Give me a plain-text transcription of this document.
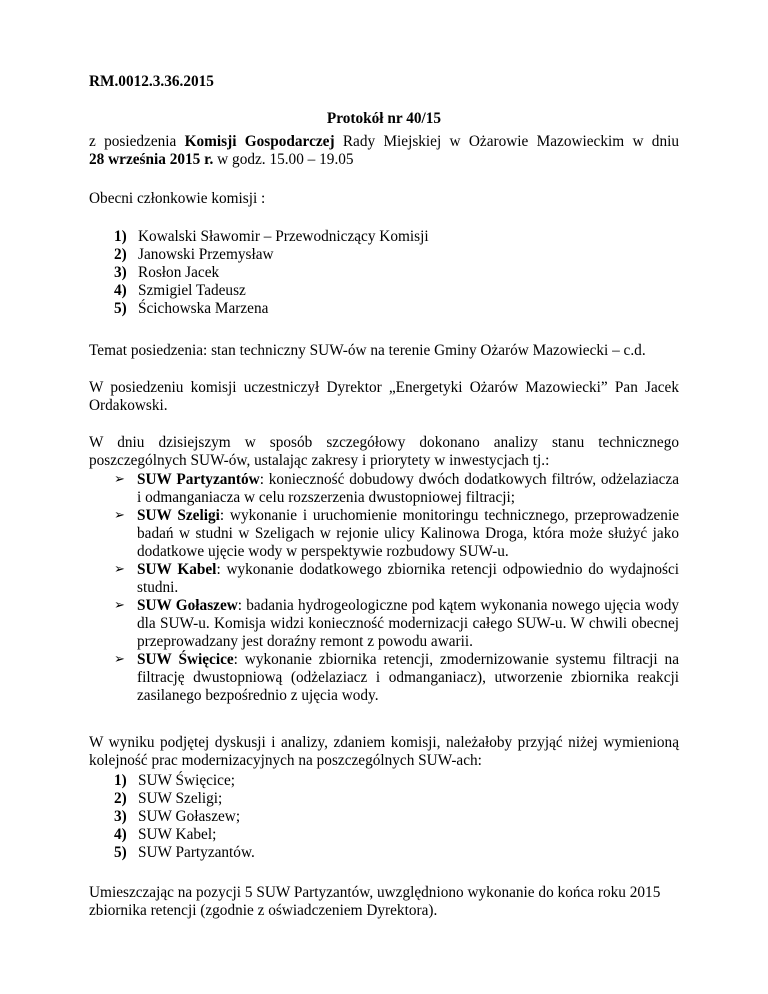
RM.0012.3.36.2015
Protokół nr 40/15
z posiedzenia Komisji Gospodarczej Rady Miejskiej w Ożarowie Mazowieckim w dniu
28 września 2015 r. w godz. 15.00 – 19.05
Obecni członkowie komisji :
1) Kowalski Sławomir – Przewodniczący Komisji
2) Janowski Przemysław
3) Rosłon Jacek
4) Szmigiel Tadeusz
5) Ścichowska Marzena
Temat posiedzenia: stan techniczny SUW-ów na terenie Gminy Ożarów Mazowiecki – c.d.
W posiedzeniu komisji uczestniczył Dyrektor „Energetyki Ożarów Mazowiecki” Pan Jacek Ordakowski.
W dniu dzisiejszym w sposób szczegółowy dokonano analizy stanu technicznego poszczególnych SUW-ów, ustalając zakresy i priorytety w inwestycjach tj.:
➢ SUW Partyzantów: konieczność dobudowy dwóch dodatkowych filtrów, odżelaziacza i odmanganiacza w celu rozszerzenia dwustopniowej filtracji;
➢ SUW Szeligi: wykonanie i uruchomienie monitoringu technicznego, przeprowadzenie badań w studni w Szeligach w rejonie ulicy Kalinowa Droga, która może służyć jako dodatkowe ujęcie wody w perspektywie rozbudowy SUW-u.
➢ SUW Kabel: wykonanie dodatkowego zbiornika retencji odpowiednio do wydajności studni.
➢ SUW Gołaszew: badania hydrogeologiczne pod kątem wykonania nowego ujęcia wody dla SUW-u. Komisja widzi konieczność modernizacji całego SUW-u. W chwili obecnej przeprowadzany jest doraźny remont z powodu awarii.
➢ SUW Święcice: wykonanie zbiornika retencji, zmodernizowanie systemu filtracji na filtrację dwustopniową (odżelaziacz i odmanganiacz), utworzenie zbiornika reakcji zasilanego bezpośrednio z ujęcia wody.
W wyniku podjętej dyskusji i analizy, zdaniem komisji, należałoby przyjąć niżej wymienioną kolejność prac modernizacyjnych na poszczególnych SUW-ach:
1) SUW Święcice;
2) SUW Szeligi;
3) SUW Gołaszew;
4) SUW Kabel;
5) SUW Partyzantów.
Umieszczając na pozycji 5 SUW Partyzantów, uwzględniono wykonanie do końca roku 2015 zbiornika retencji (zgodnie z oświadczeniem Dyrektora).
